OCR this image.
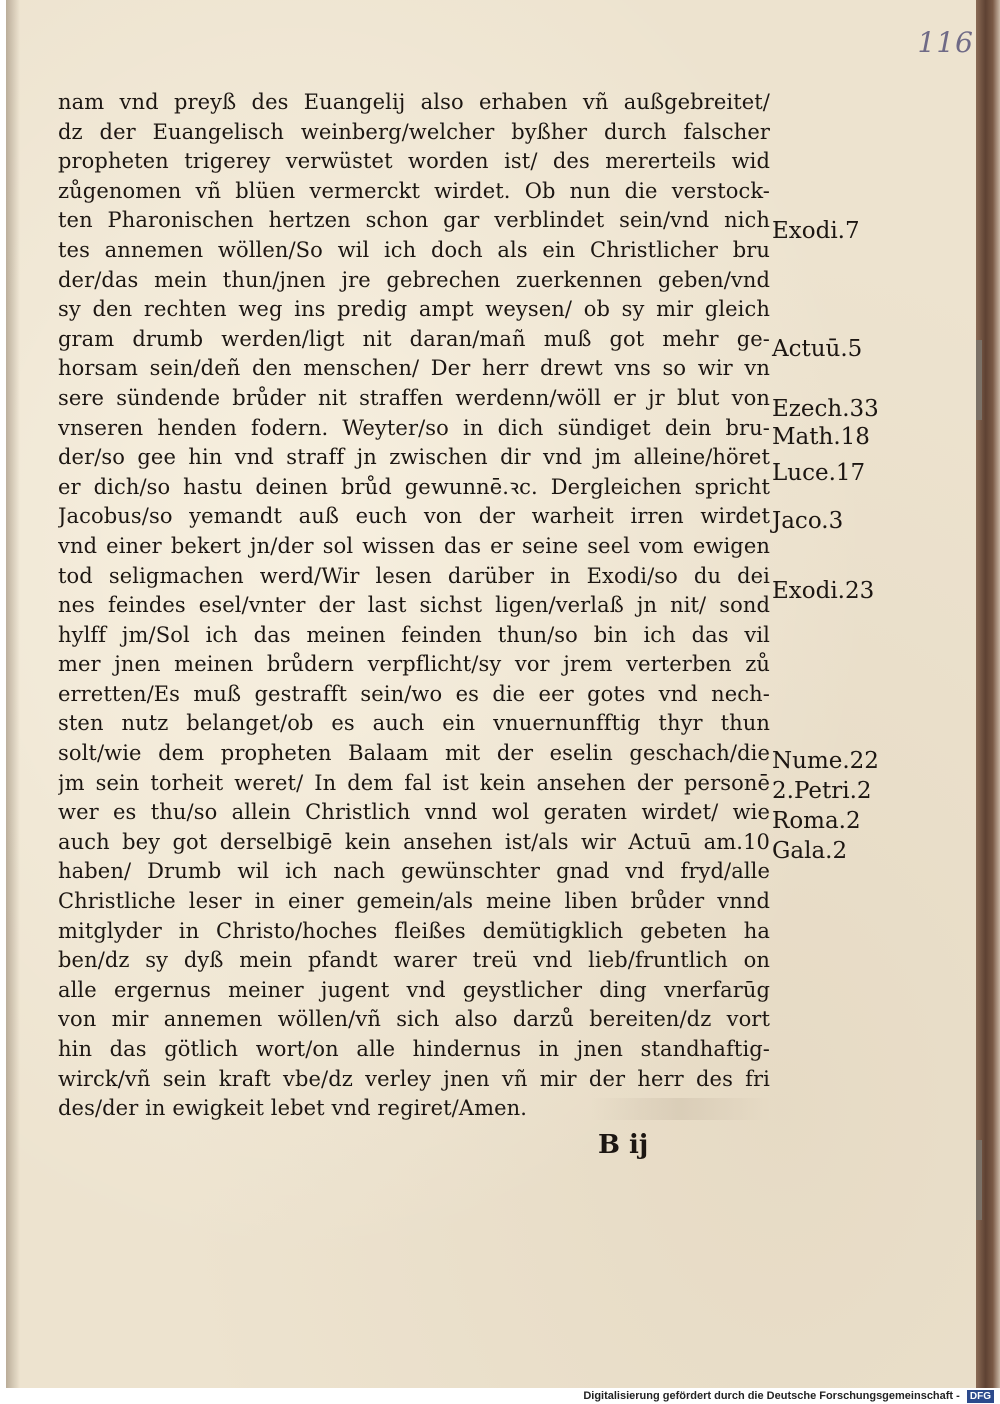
116
nam vnd preyß des Euangelij also erhaben vñ außgebreitet/
dz der Euangelisch weinberg/welcher byßher durch falscher
propheten trigerey verwüstet worden ist/ des mererteils wid
zůgenomen vñ blüen vermerckt wirdet. Ob nun die verstock-
ten Pharonischen hertzen schon gar verblindet sein/vnd nich
tes annemen wöllen/So wil ich doch als ein Christlicher bru
der/das mein thun/jnen jre gebrechen zuerkennen geben/vnd
sy den rechten weg ins predig ampt weysen/ ob sy mir gleich
gram drumb werden/ligt nit daran/mañ muß got mehr ge-
horsam sein/deñ den menschen/ Der herr drewt vns so wir vn
sere sündende brůder nit straffen werdenn/wöll er jr blut von
vnseren henden fodern. Weyter/so in dich sündiget dein bru-
der/so gee hin vnd straff jn zwischen dir vnd jm alleine/höret
er dich/so hastu deinen brůd gewunnē.ꝛc. Dergleichen spricht
Jacobus/so yemandt auß euch von der warheit irren wirdet
vnd einer bekert jn/der sol wissen das er seine seel vom ewigen
tod seligmachen werd/Wir lesen darüber in Exodi/so du dei
nes feindes esel/vnter der last sichst ligen/verlaß jn nit/ sond
hylff jm/Sol ich das meinen feinden thun/so bin ich das vil
mer jnen meinen brůdern verpflicht/sy vor jrem verterben zů
erretten/Es muß gestrafft sein/wo es die eer gotes vnd nech-
sten nutz belanget/ob es auch ein vnuernunfftig thyr thun
solt/wie dem propheten Balaam mit der eselin geschach/die
jm sein torheit weret/ In dem fal ist kein ansehen der personē
wer es thu/so allein Christlich vnnd wol geraten wirdet/ wie
auch bey got derselbigē kein ansehen ist/als wir Actuū am.10
haben/ Drumb wil ich nach gewünschter gnad vnd fryd/alle
Christliche leser in einer gemein/als meine liben brůder vnnd
mitglyder in Christo/hoches fleißes demütigklich gebeten ha
ben/dz sy dyß mein pfandt warer treü vnd lieb/fruntlich on
alle ergernus meiner jugent vnd geystlicher ding vnerfarūg
von mir annemen wöllen/vñ sich also darzů bereiten/dz vort
hin das götlich wort/on alle hindernus in jnen standhaftig-
wirck/vñ sein kraft vbe/dz verley jnen vñ mir der herr des fri
des/der in ewigkeit lebet vnd regiret/Amen.
Exodi.7
Actuū.5
Ezech.33
Math.18
Luce.17
Jaco.3
Exodi.23
Nume.22
2.Petri.2
Roma.2
Gala.2
B ij
Digitalisierung gefördert durch die Deutsche Forschungsgemeinschaft - DFG
